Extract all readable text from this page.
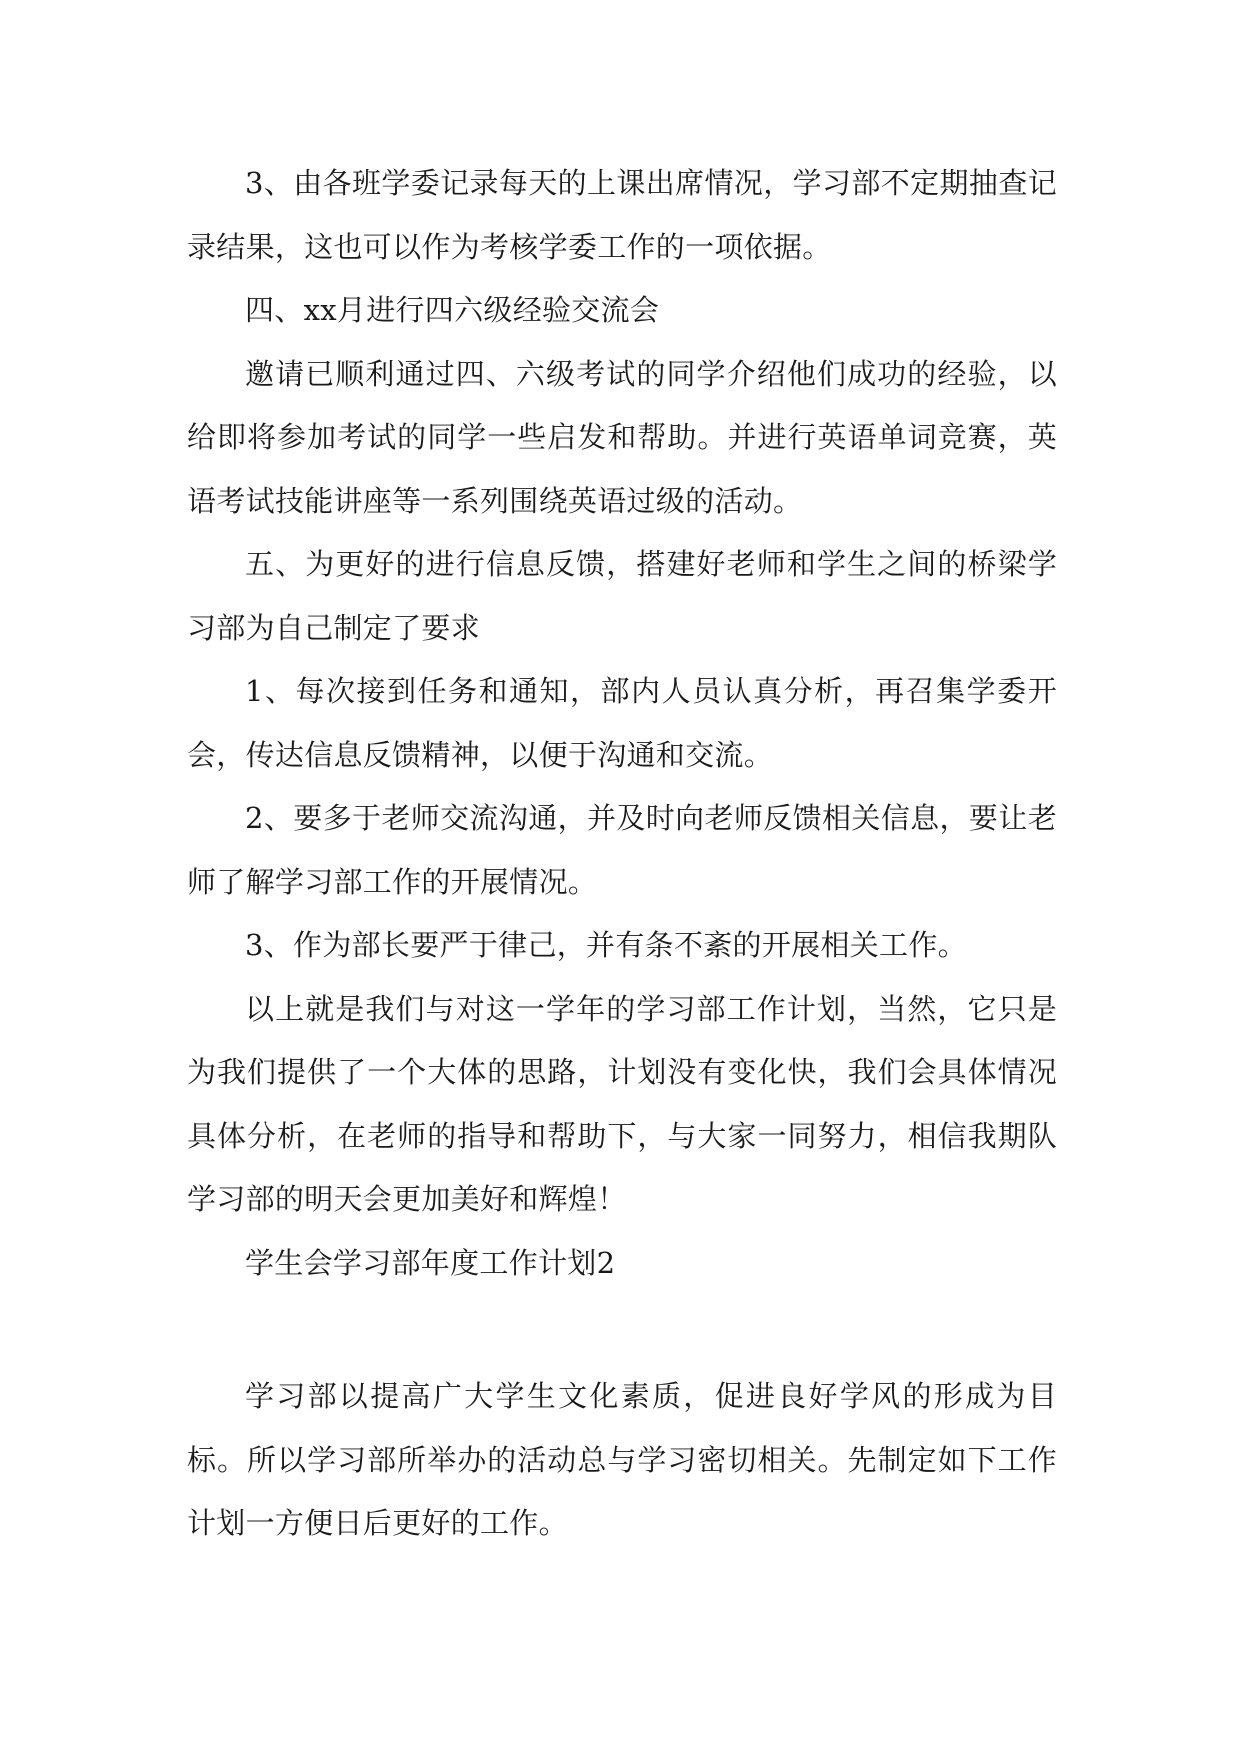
3、由各班学委记录每天的上课出席情况，学习部不定期抽查记录结果，这也可以作为考核学委工作的一项依据。

四、xx月进行四六级经验交流会

邀请已顺利通过四、六级考试的同学介绍他们成功的经验，以给即将参加考试的同学一些启发和帮助。并进行英语单词竞赛，英语考试技能讲座等一系列围绕英语过级的活动。

五、为更好的进行信息反馈，搭建好老师和学生之间的桥梁学习部为自己制定了要求

1、每次接到任务和通知，部内人员认真分析，再召集学委开会，传达信息反馈精神，以便于沟通和交流。

2、要多于老师交流沟通，并及时向老师反馈相关信息，要让老师了解学习部工作的开展情况。

3、作为部长要严于律己，并有条不紊的开展相关工作。

以上就是我们与对这一学年的学习部工作计划，当然，它只是为我们提供了一个大体的思路，计划没有变化快，我们会具体情况具体分析，在老师的指导和帮助下，与大家一同努力，相信我期队学习部的明天会更加美好和辉煌！

学生会学习部年度工作计划2

学习部以提高广大学生文化素质，促进良好学风的形成为目标。所以学习部所举办的活动总与学习密切相关。先制定如下工作计划一方便日后更好的工作。
